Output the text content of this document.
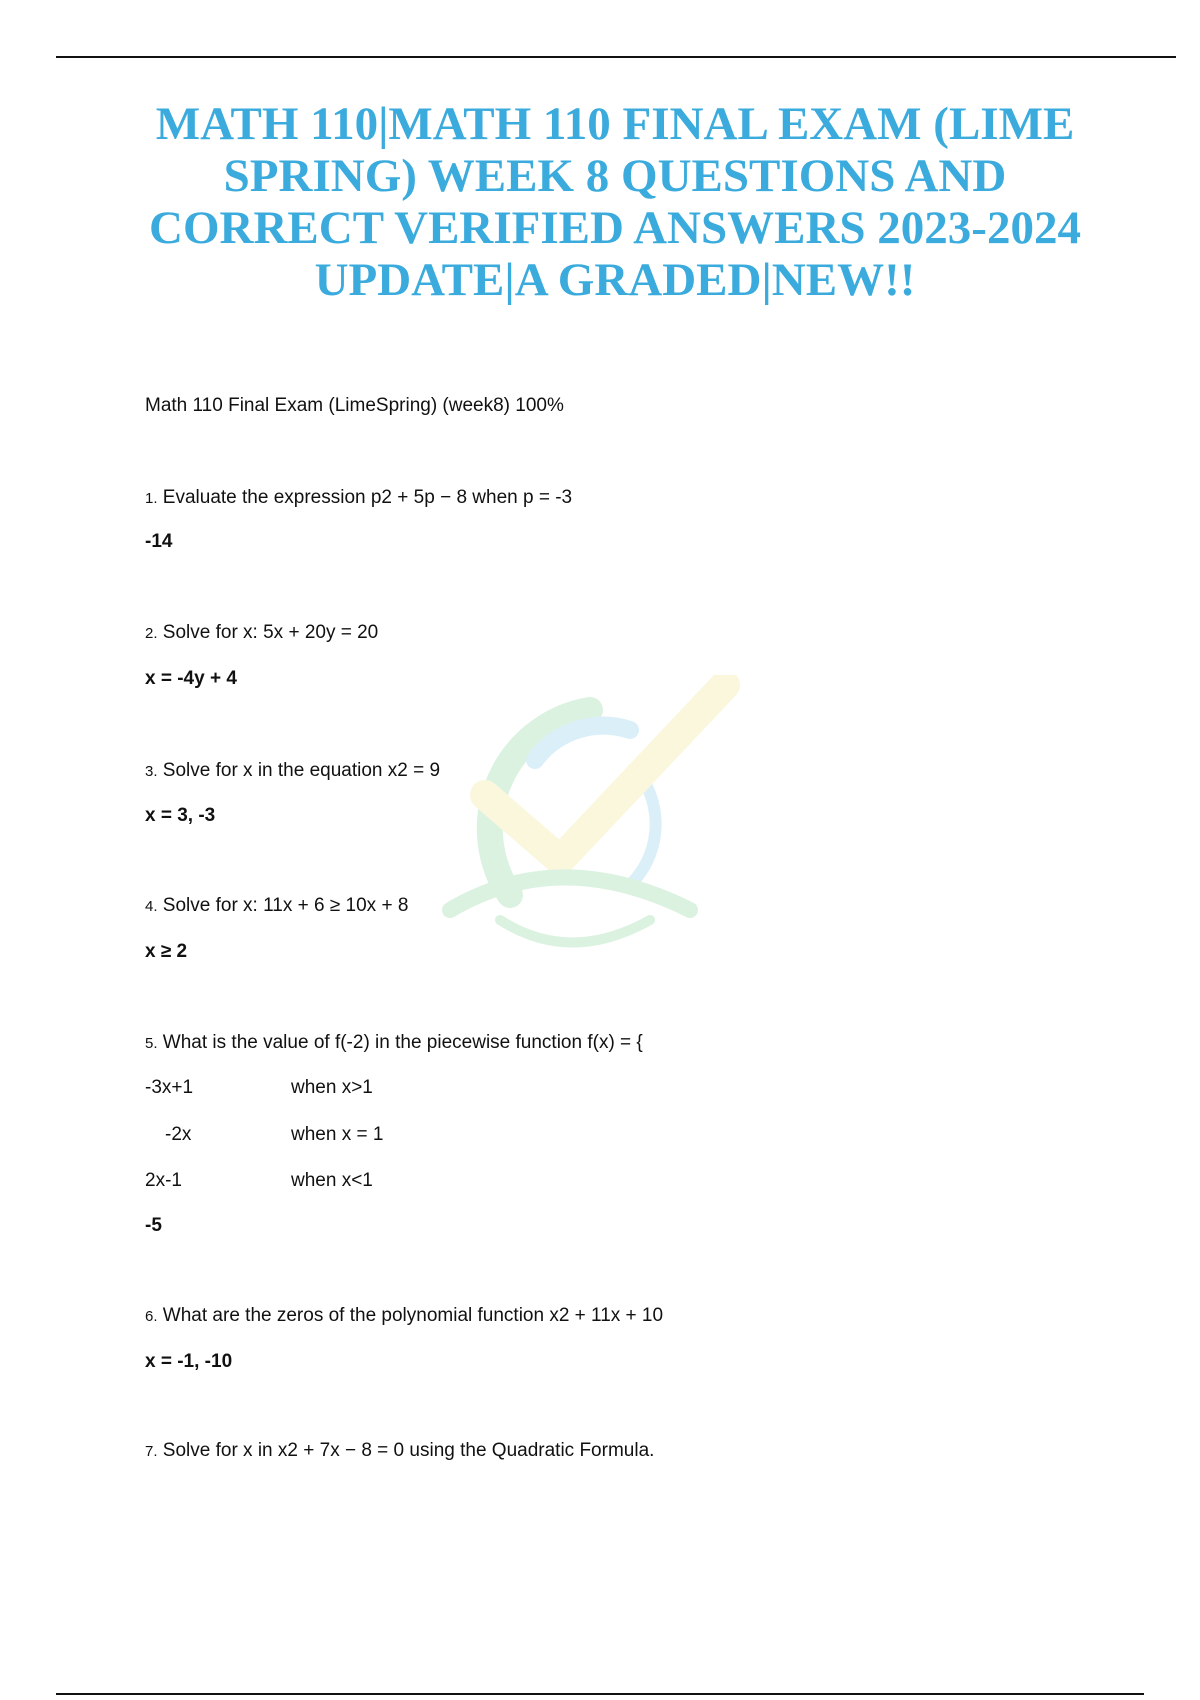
MATH 110|MATH 110 FINAL EXAM (LIME
SPRING) WEEK 8 QUESTIONS AND
CORRECT VERIFIED ANSWERS 2023-2024
UPDATE|A GRADED|NEW!!
Math 110 Final Exam (LimeSpring) (week8) 100%
1. Evaluate the expression p2 + 5p − 8 when p = -3
-14
2. Solve for x: 5x + 20y = 20
x = -4y + 4
3. Solve for x in the equation x2 = 9
x = 3, -3
4. Solve for x: 11x + 6 ≥ 10x + 8
x ≥ 2
5. What is the value of f(-2) in the piecewise function f(x) = {
-3x+1	when x>1
-2x	when x = 1
2x-1	when x<1
-5
6. What are the zeros of the polynomial function x2 + 11x + 10
x = -1, -10
7. Solve for x in x2 + 7x − 8 = 0 using the Quadratic Formula.
